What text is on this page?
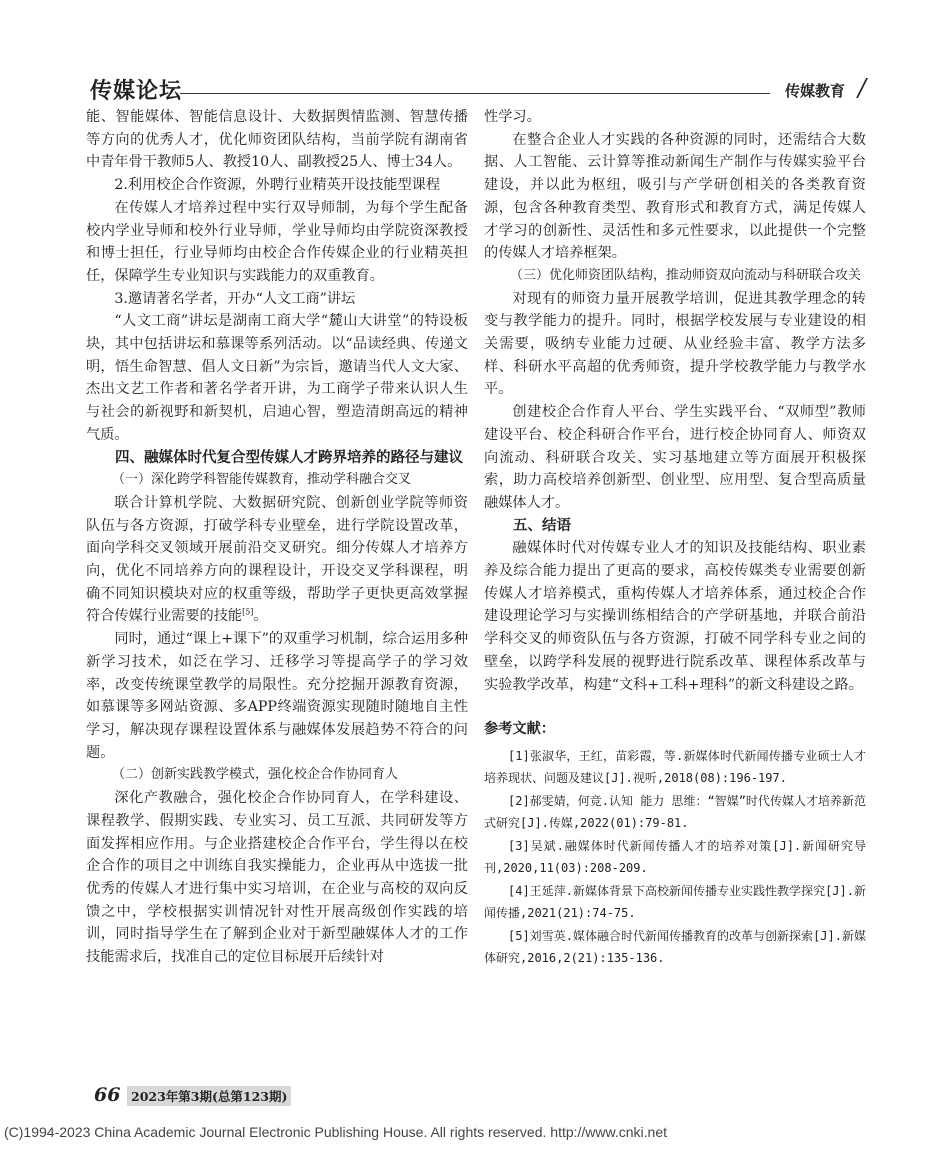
传媒论坛	传媒教育 /

能、智能媒体、智能信息设计、大数据舆情监测、智慧传播等方向的优秀人才，优化师资团队结构，当前学院有湖南省中青年骨干教师5人、教授10人、副教授25人、博士34人。

2.利用校企合作资源，外聘行业精英开设技能型课程

在传媒人才培养过程中实行双导师制，为每个学生配备校内学业导师和校外行业导师，学业导师均由学院资深教授和博士担任，行业导师均由校企合作传媒企业的行业精英担任，保障学生专业知识与实践能力的双重教育。

3.邀请著名学者，开办“人文工商”讲坛

“人文工商”讲坛是湖南工商大学“麓山大讲堂”的特设板块，其中包括讲坛和慕课等系列活动。以“品读经典、传递文明，悟生命智慧、倡人文日新”为宗旨，邀请当代人文大家、杰出文艺工作者和著名学者开讲，为工商学子带来认识人生与社会的新视野和新契机，启迪心智，塑造清朗高远的精神气质。

四、融媒体时代复合型传媒人才跨界培养的路径与建议

（一）深化跨学科智能传媒教育，推动学科融合交叉

联合计算机学院、大数据研究院、创新创业学院等师资队伍与各方资源，打破学科专业壁垒，进行学院设置改革，面向学科交叉领域开展前沿交叉研究。细分传媒人才培养方向，优化不同培养方向的课程设计，开设交叉学科课程，明确不同知识模块对应的权重等级，帮助学子更快更高效掌握符合传媒行业需要的技能[5]。

同时，通过“课上+课下”的双重学习机制，综合运用多种新学习技术，如泛在学习、迁移学习等提高学子的学习效率，改变传统课堂教学的局限性。充分挖掘开源教育资源，如慕课等多网站资源、多APP终端资源实现随时随地自主性学习，解决现存课程设置体系与融媒体发展趋势不符合的问题。

（二）创新实践教学模式，强化校企合作协同育人

深化产教融合，强化校企合作协同育人，在学科建设、课程教学、假期实践、专业实习、员工互派、共同研发等方面发挥相应作用。与企业搭建校企合作平台，学生得以在校企合作的项目之中训练自我实操能力，企业再从中选拔一批优秀的传媒人才进行集中实习培训，在企业与高校的双向反馈之中，学校根据实训情况针对性开展高级创作实践的培训，同时指导学生在了解到企业对于新型融媒体人才的工作技能需求后，找准自己的定位目标展开后续针对

性学习。

在整合企业人才实践的各种资源的同时，还需结合大数据、人工智能、云计算等推动新闻生产制作与传媒实验平台建设，并以此为枢纽，吸引与产学研创相关的各类教育资源，包含各种教育类型、教育形式和教育方式，满足传媒人才学习的创新性、灵活性和多元性要求，以此提供一个完整的传媒人才培养框架。

（三）优化师资团队结构，推动师资双向流动与科研联合攻关

对现有的师资力量开展教学培训，促进其教学理念的转变与教学能力的提升。同时，根据学校发展与专业建设的相关需要，吸纳专业能力过硬、从业经验丰富、教学方法多样、科研水平高超的优秀师资，提升学校教学能力与教学水平。

创建校企合作育人平台、学生实践平台、“双师型”教师建设平台、校企科研合作平台，进行校企协同育人、师资双向流动、科研联合攻关、实习基地建立等方面展开积极探索，助力高校培养创新型、创业型、应用型、复合型高质量融媒体人才。

五、结语

融媒体时代对传媒专业人才的知识及技能结构、职业素养及综合能力提出了更高的要求，高校传媒类专业需要创新传媒人才培养模式，重构传媒人才培养体系，通过校企合作建设理论学习与实操训练相结合的产学研基地，并联合前沿学科交叉的师资队伍与各方资源，打破不同学科专业之间的壁垒，以跨学科发展的视野进行院系改革、课程体系改革与实验教学改革，构建“文科+工科+理科”的新文科建设之路。

参考文献：

[1]张淑华，王红，苗彩霞，等.新媒体时代新闻传播专业硕士人才培养现状、问题及建议[J].视听,2018(08):196-197.

[2]郝雯婧，何竞.认知 能力 思维：“智媒”时代传媒人才培养新范式研究[J].传媒,2022(01):79-81.

[3]吴斌.融媒体时代新闻传播人才的培养对策[J].新闻研究导刊,2020,11(03):208-209.

[4]王延萍.新媒体背景下高校新闻传播专业实践性教学探究[J].新闻传播,2021(21):74-75.

[5]刘雪英.媒体融合时代新闻传播教育的改革与创新探索[J].新媒体研究,2016,2(21):135-136.

66 2023年第3期(总第123期)
(C)1994-2023 China Academic Journal Electronic Publishing House. All rights reserved. http://www.cnki.net
